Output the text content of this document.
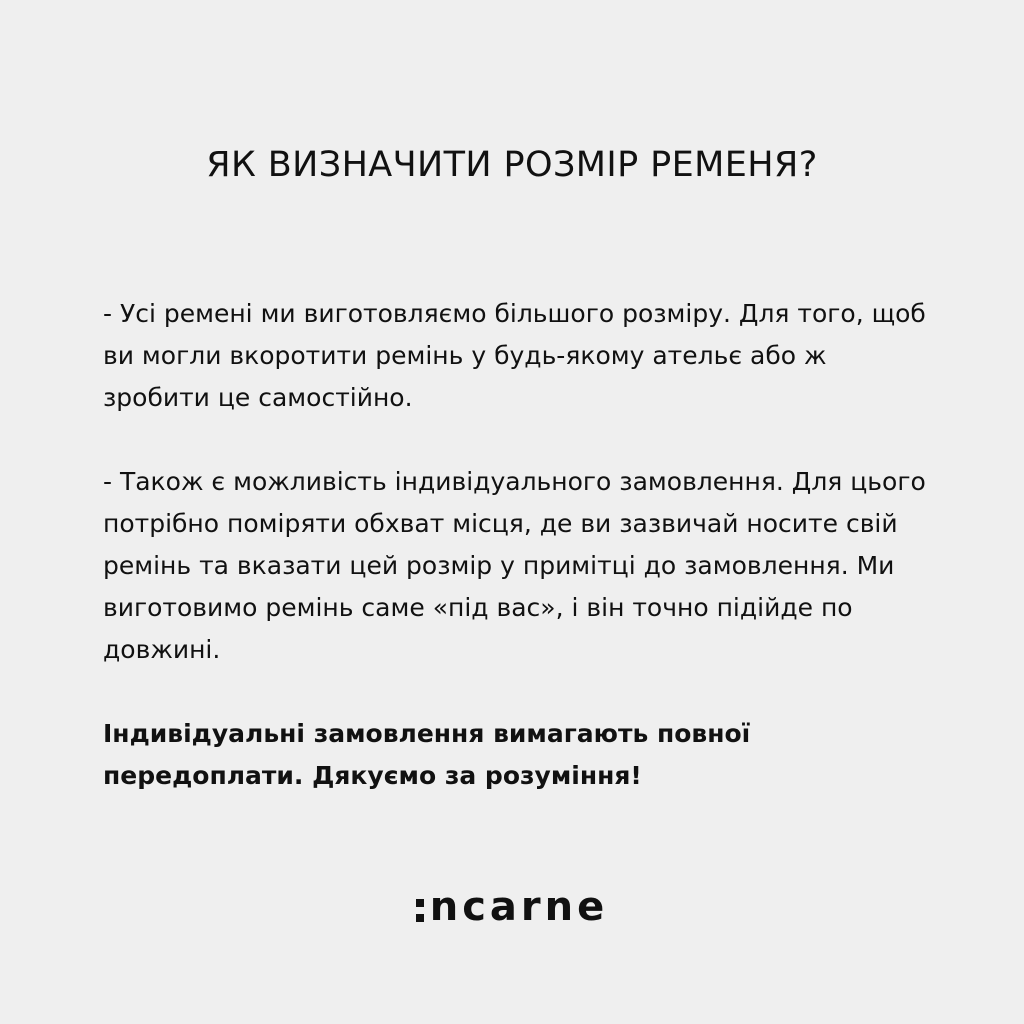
ЯК ВИЗНАЧИТИ РОЗМІР РЕМЕНЯ?

- Усі ремені ми виготовляємо більшого розміру. Для того, щоб ви могли вкоротити ремінь у будь-якому ательє або ж зробити це самостійно.

- Також є можливість індивідуального замовлення. Для цього потрібно поміряти обхват місця, де ви зазвичай носите свій ремінь та вказати цей розмір у примітці до замовлення. Ми виготовимо ремінь саме «під вас», і він точно підійде по довжині.

Індивідуальні замовлення вимагають повної передоплати. Дякуємо за розуміння!

ncarne
